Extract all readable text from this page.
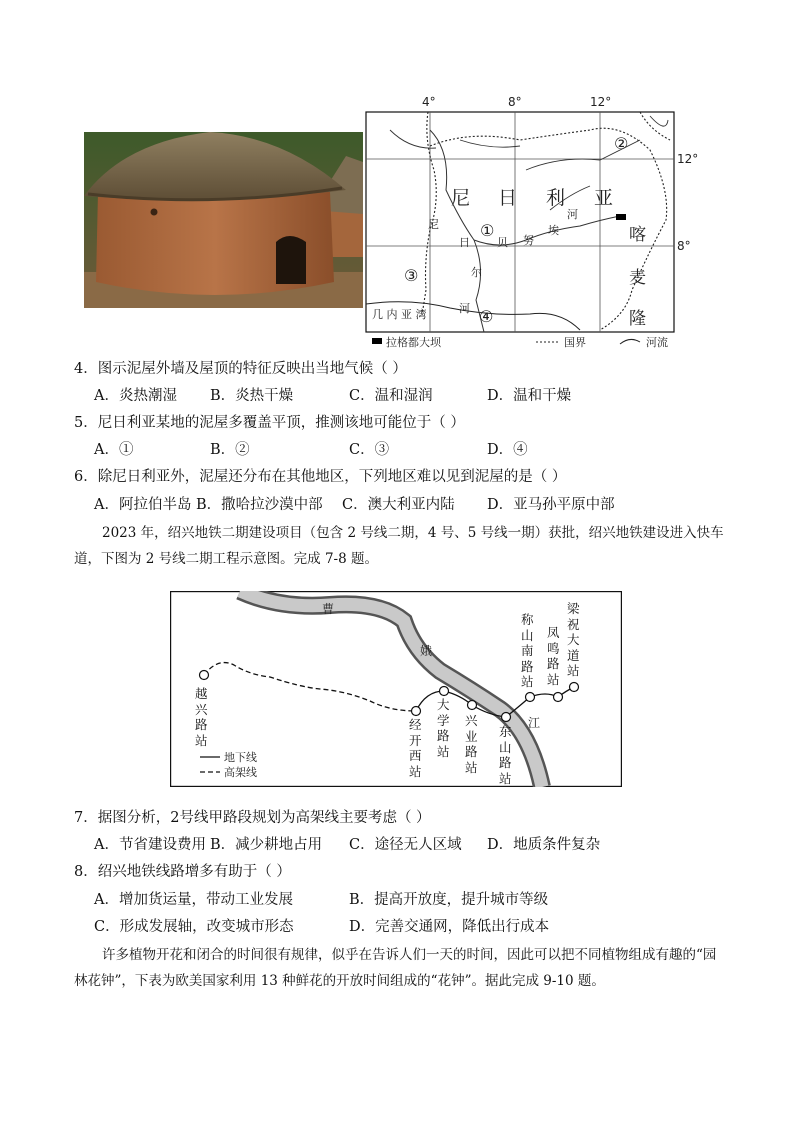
4°	8°	12°
12°
8°
尼 日 利 亚
尼
日
尔
河
贝 努
埃
河
喀
麦
隆
几 内 亚 湾
①
②
③
④
拉格都大坝	国界	河流
4．图示泥屋外墙及屋顶的特征反映出当地气候（ ）
A．炎热潮湿 B．炎热干燥	C．温和湿润	D．温和干燥
5．尼日利亚某地的泥屋多覆盖平顶，推测该地可能位于（ ）
A．①	B．②	C．③	D．④
6．除尼日利亚外，泥屋还分布在其他地区，下列地区难以见到泥屋的是（ ）
A．阿拉伯半岛 B．撒哈拉沙漠中部 C．澳大利亚内陆 D．亚马孙平原中部
2023 年，绍兴地铁二期建设项目（包含 2 号线二期，4 号、5 号线一期）获批，绍兴地铁建设进入快车道，下图为 2 号线二期工程示意图。完成 7-8 题。
曹
娥
江
地下线
高架线
越兴路站
经开西站
大学路站
兴业路站
东山路站
称山南路站
凤鸣路站
梁祝大道站
7．据图分析，2号线甲路段规划为高架线主要考虑（ ）
A．节省建设费用 B．减少耕地占用 C．途径无人区域 D．地质条件复杂
8．绍兴地铁线路增多有助于（ ）
A．增加货运量，带动工业发展	B．提高开放度，提升城市等级
C．形成发展轴，改变城市形态	D．完善交通网，降低出行成本
许多植物开花和闭合的时间很有规律，似乎在告诉人们一天的时间，因此可以把不同植物组成有趣的“园林花钟”，下表为欧美国家利用 13 种鲜花的开放时间组成的“花钟”。据此完成 9-10 题。
